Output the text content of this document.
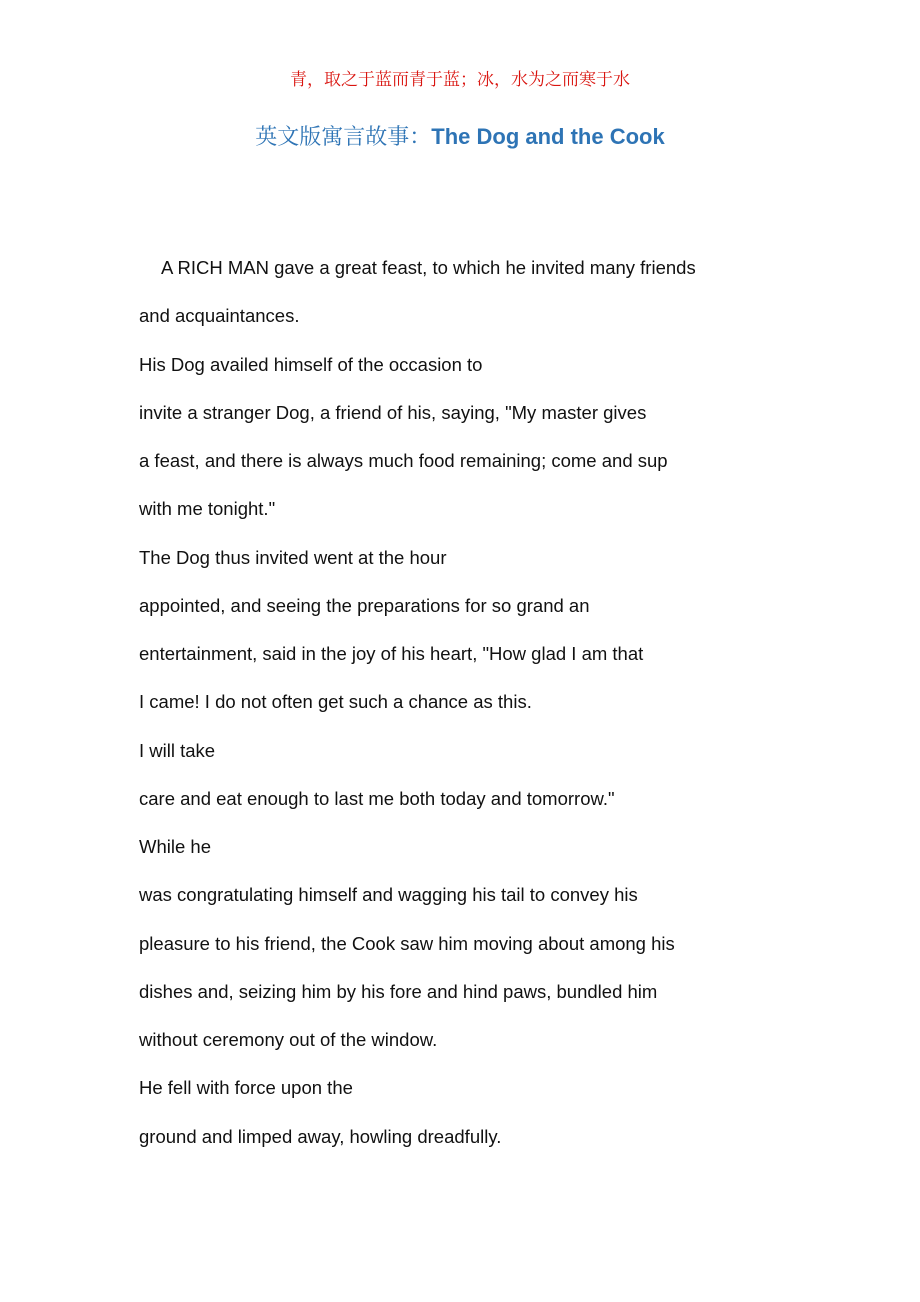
青，取之于蓝而青于蓝；冰，水为之而寒于水
英文版寓言故事：The Dog and the Cook
A RICH MAN gave a great feast, to which he invited many friends
and acquaintances.
His Dog availed himself of the occasion to
invite a stranger Dog, a friend of his, saying, "My master gives
a feast, and there is always much food remaining; come and sup
with me tonight."
The Dog thus invited went at the hour
appointed, and seeing the preparations for so grand an
entertainment, said in the joy of his heart, "How glad I am that
I came! I do not often get such a chance as this.
I will take
care and eat enough to last me both today and tomorrow."
While he
was congratulating himself and wagging his tail to convey his
pleasure to his friend, the Cook saw him moving about among his
dishes and, seizing him by his fore and hind paws, bundled him
without ceremony out of the window.
He fell with force upon the
ground and limped away, howling dreadfully.
